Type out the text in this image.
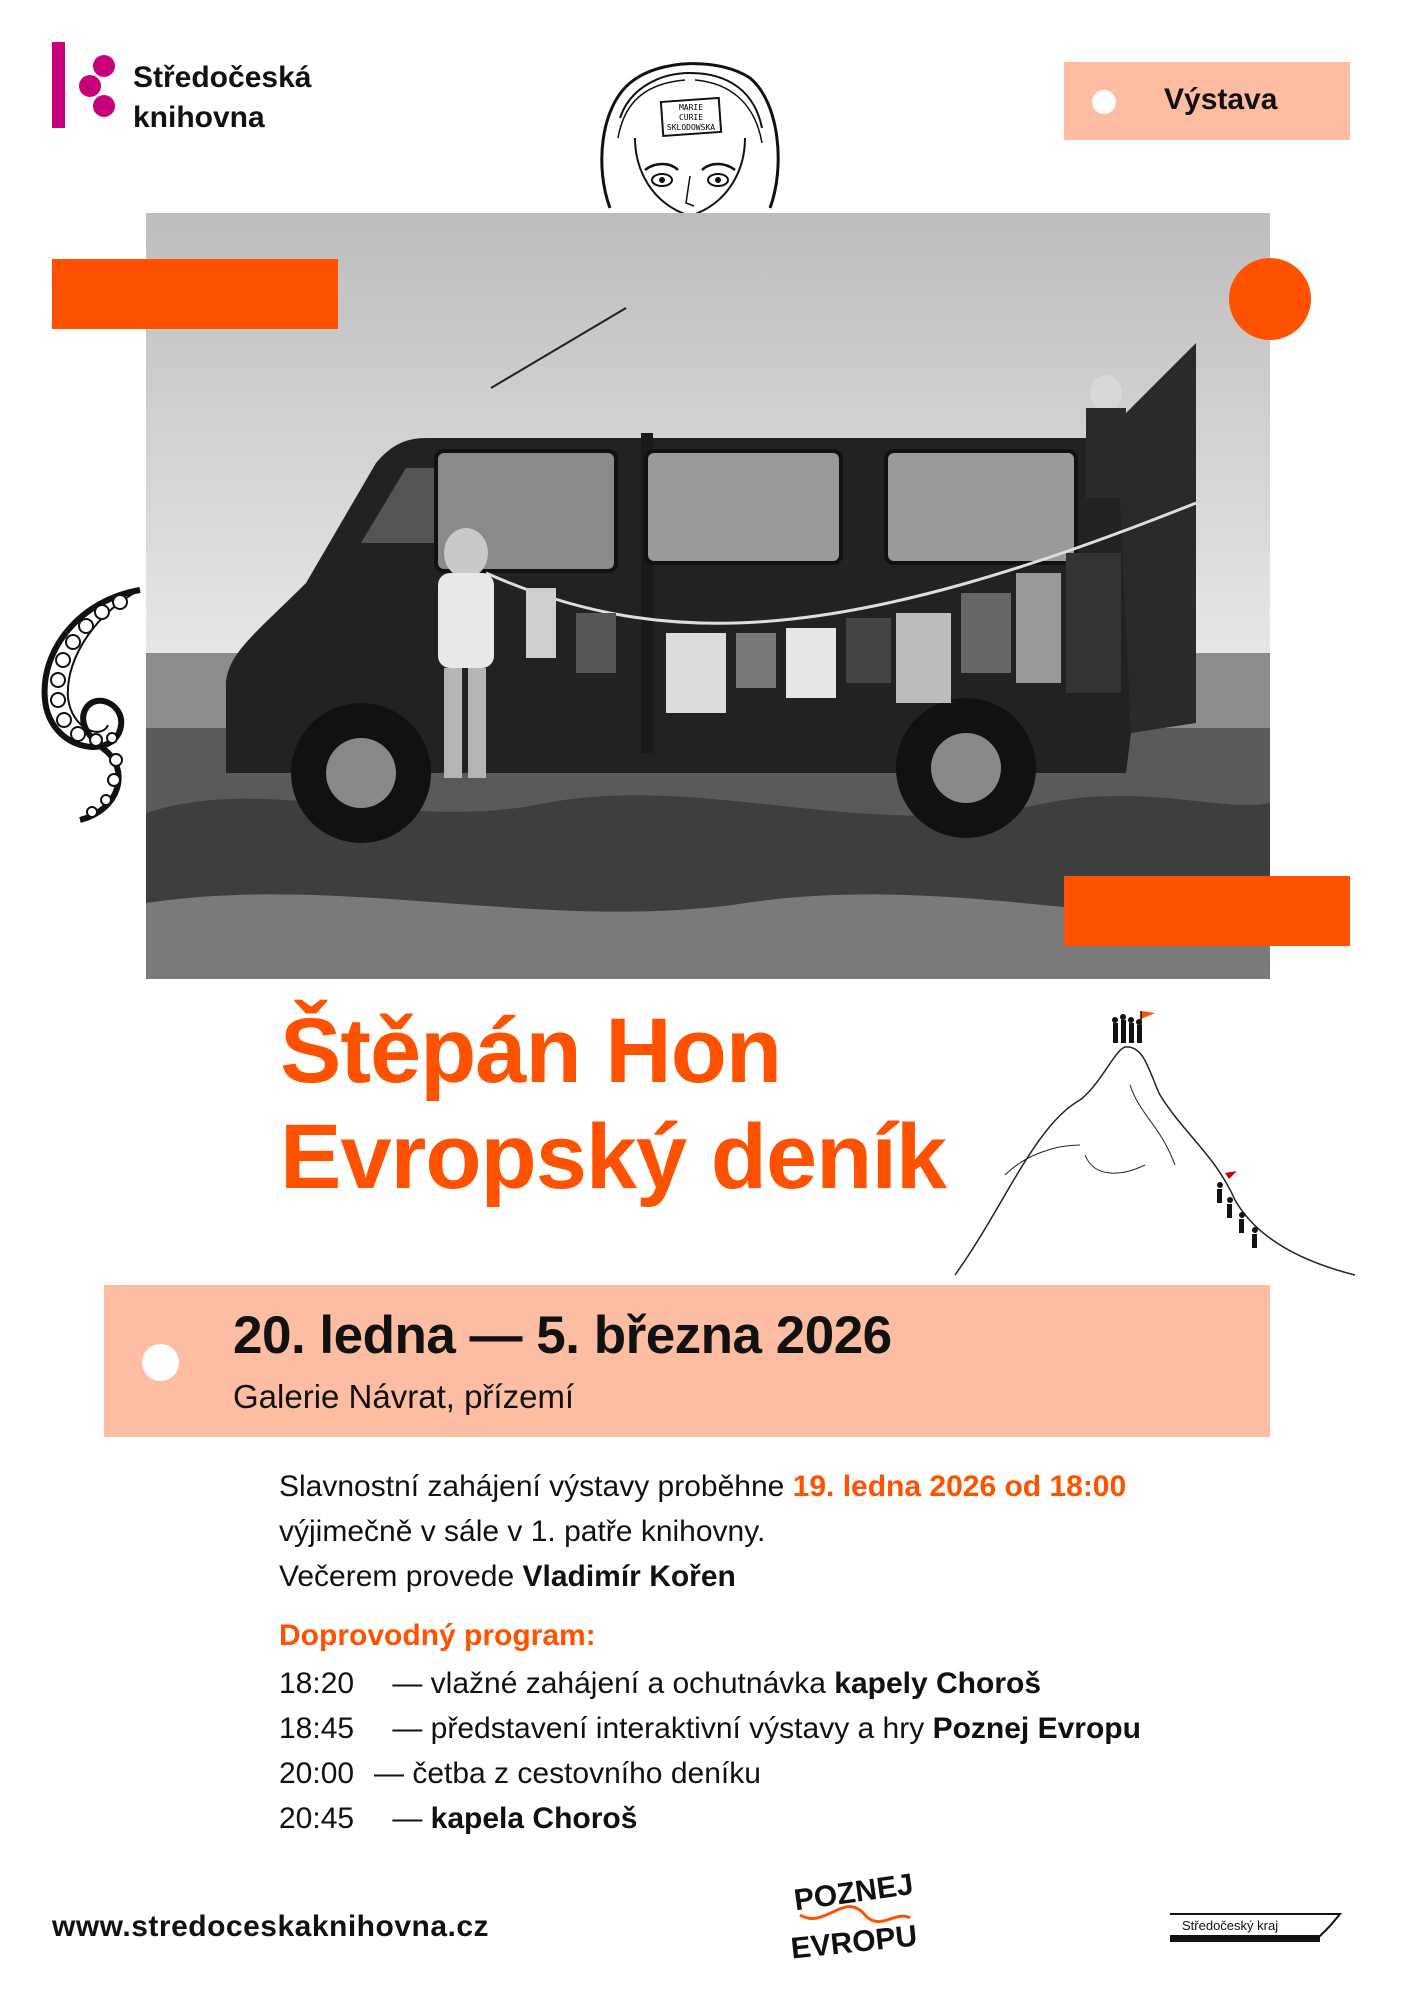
Středočeská
knihovna	MARIE
CURIE
SKLODOWSKA
Výstava
Štěpán Hon
Evropský deník
20. ledna — 5. března 2026
Galerie Návrat, přízemí
Slavnostní zahájení výstavy proběhne 19. ledna 2026 od 18:00
výjimečně v sále v 1. patře knihovny.
Večerem provede Vladimír Kořen
Doprovodný program:
18:20 — vlažné zahájení a ochutnávka kapely Choroš
18:45 — představení interaktivní výstavy a hry Poznej Evropu
20:00 — četba z cestovního deníku
20:45 — kapela Choroš
www.stredoceskaknihovna.cz
POZNEJ
EVROPU	Středočeský kraj
